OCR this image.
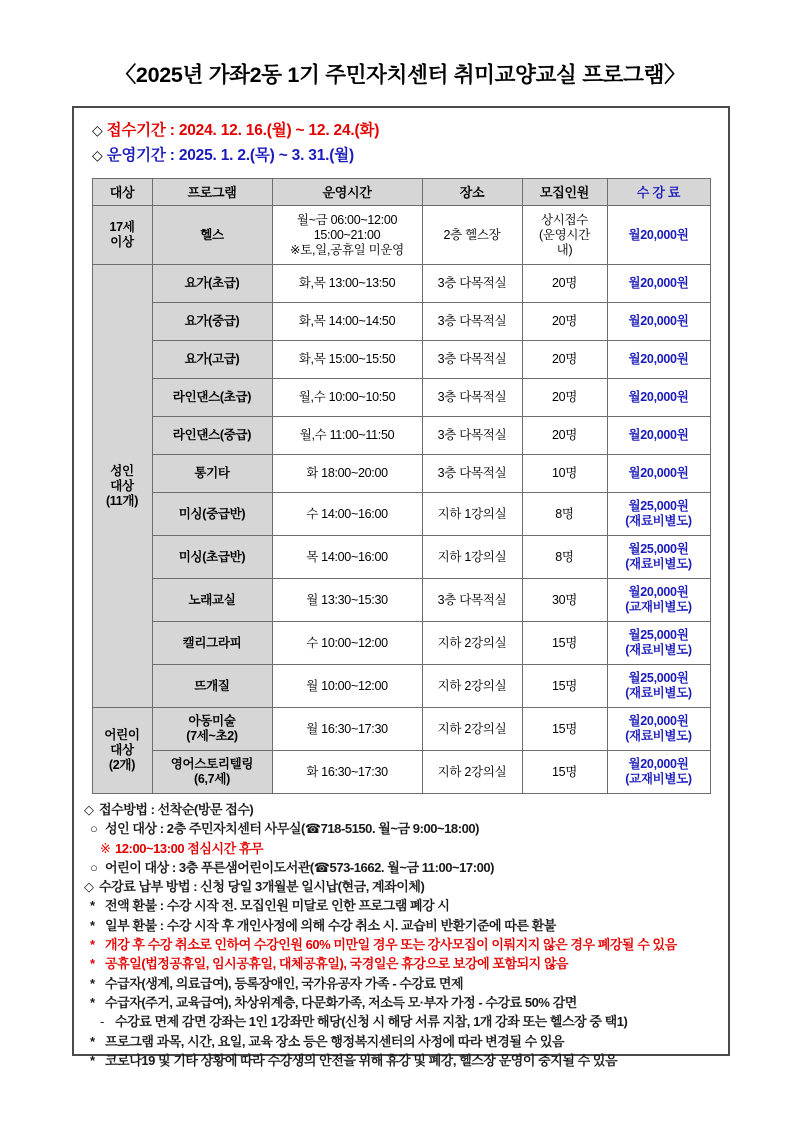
〈2025년 가좌2동 1기 주민자치센터 취미교양교실 프로그램〉
◇ 접수기간 : 2024. 12. 16.(월) ~ 12. 24.(화)
◇ 운영기간 : 2025. 1. 2.(목) ~ 3. 31.(월)
대상	프로그램	운영시간	장소	모집인원	수 강 료
17세
이상	헬스	월~금 06:00~12:00
15:00~21:00
※토,일,공휴일 미운영	2층 헬스장	상시접수
(운영시간
내)	월20,000원
성인
대상
(11개)	요가(초급)	화,목 13:00~13:50	3층 다목적실	20명	월20,000원
	요가(중급)	화,목 14:00~14:50	3층 다목적실	20명	월20,000원
	요가(고급)	화,목 15:00~15:50	3층 다목적실	20명	월20,000원
	라인댄스(초급)	월,수 10:00~10:50	3층 다목적실	20명	월20,000원
	라인댄스(중급)	월,수 11:00~11:50	3층 다목적실	20명	월20,000원
	통기타	화 18:00~20:00	3층 다목적실	10명	월20,000원
	미싱(중급반)	수 14:00~16:00	지하 1강의실	8명	월25,000원
(재료비별도)
	미싱(초급반)	목 14:00~16:00	지하 1강의실	8명	월25,000원
(재료비별도)
	노래교실	월 13:30~15:30	3층 다목적실	30명	월20,000원
(교재비별도)
	캘리그라피	수 10:00~12:00	지하 2강의실	15명	월25,000원
(재료비별도)
	뜨개질	월 10:00~12:00	지하 2강의실	15명	월25,000원
(재료비별도)
어린이
대상
(2개)	아동미술
(7세~초2)	월 16:30~17:30	지하 2강의실	15명	월20,000원
(재료비별도)
	영어스토리텔링
(6,7세)	화 16:30~17:30	지하 2강의실	15명	월20,000원
(교재비별도)
◇ 접수방법 : 선착순(방문 접수)
○ 성인 대상 : 2층 주민자치센터 사무실(☎718-5150. 월~금 9:00~18:00)
※ 12:00~13:00 점심시간 휴무
○ 어린이 대상 : 3층 푸른샘어린이도서관(☎573-1662. 월~금 11:00~17:00)
◇ 수강료 납부 방법 : 신청 당일 3개월분 일시납(현금, 계좌이체)
* 전액 환불 : 수강 시작 전. 모집인원 미달로 인한 프로그램 폐강 시
* 일부 환불 : 수강 시작 후 개인사정에 의해 수강 취소 시. 교습비 반환기준에 따른 환불
* 개강 후 수강 취소로 인하여 수강인원 60% 미만일 경우 또는 강사모집이 이뤄지지 않은 경우 폐강될 수 있음
* 공휴일(법정공휴일, 임시공휴일, 대체공휴일), 국경일은 휴강으로 보강에 포함되지 않음
* 수급자(생계, 의료급여), 등록장애인, 국가유공자 가족 - 수강료 면제
* 수급자(주거, 교육급여), 차상위계층, 다문화가족, 저소득 모·부자 가정 - 수강료 50% 감면
- 수강료 면제 감면 강좌는 1인 1강좌만 해당(신청 시 해당 서류 지참, 1개 강좌 또는 헬스장 중 택1)
* 프로그램 과목, 시간, 요일, 교육 장소 등은 행정복지센터의 사정에 따라 변경될 수 있음
* 코로나19 및 기타 상황에 따라 수강생의 안전을 위해 휴강 및 폐강, 헬스장 운영이 중지될 수 있음
